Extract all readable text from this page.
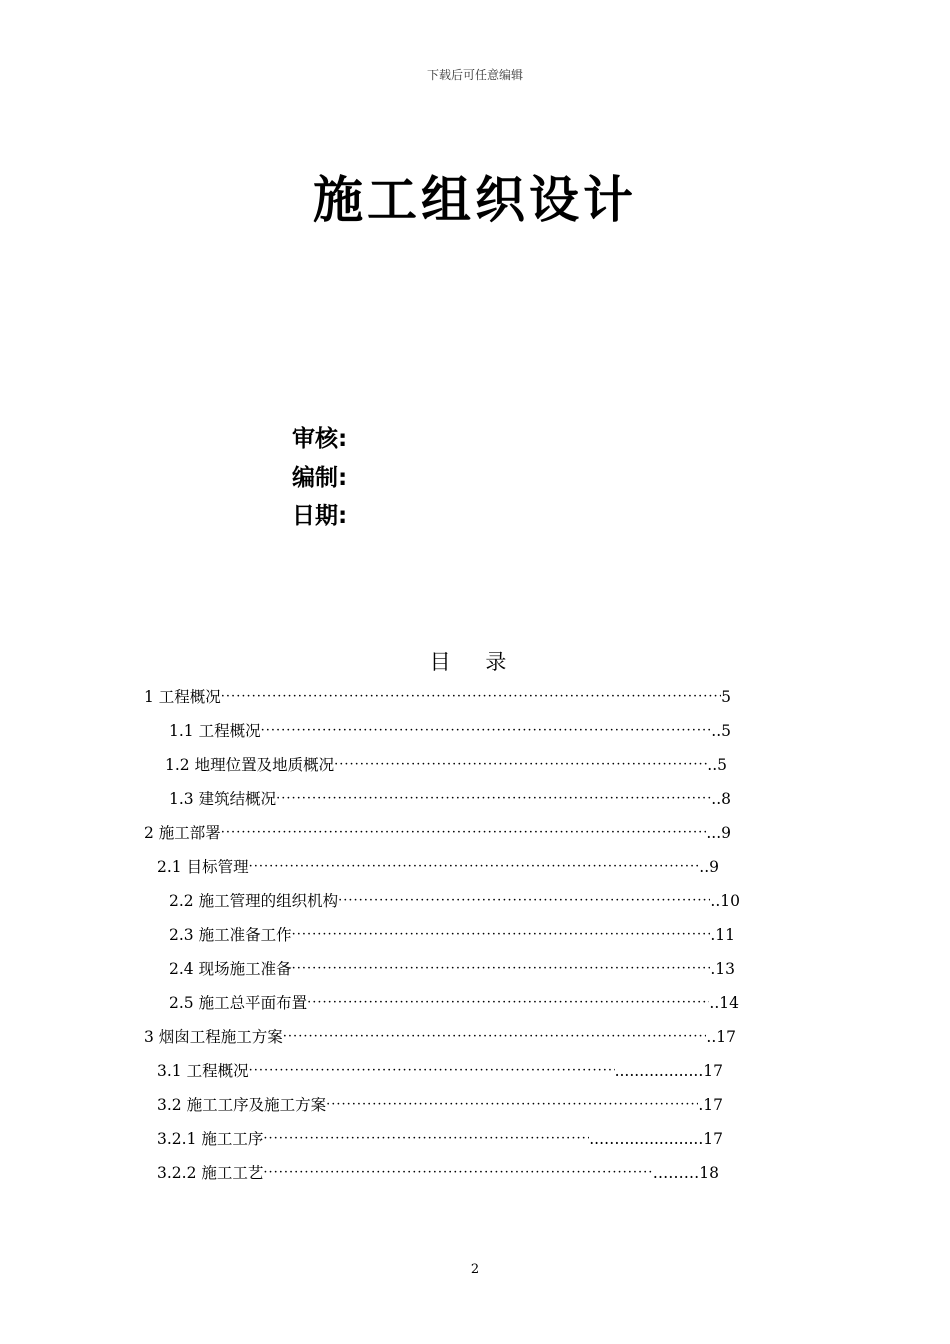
下载后可任意编辑
施工组织设计
审核:
编制:
日期:
目 录
1 工程概况 ·····	5
1.1 工程概况 ·····	..5
1.2 地理位置及地质概况 ·····	..5
1.3 建筑结概况 ·····	..8
2 施工部署 ·····	...9
2.1 目标管理 ·····	..9
2.2 施工管理的组织机构 ·····	..10
2.3 施工准备工作 ·····	.11
2.4 现场施工准备 ·····	.13
2.5 施工总平面布置 ·····	..14
3 烟囱工程施工方案 ·····	..17
3.1 工程概况 ·····	..................17
3.2 施工工序及施工方案 ·····	.17
3.2.1 施工工序 ·····	...….................17
3.2.2 施工工艺 ·····	………18
2
